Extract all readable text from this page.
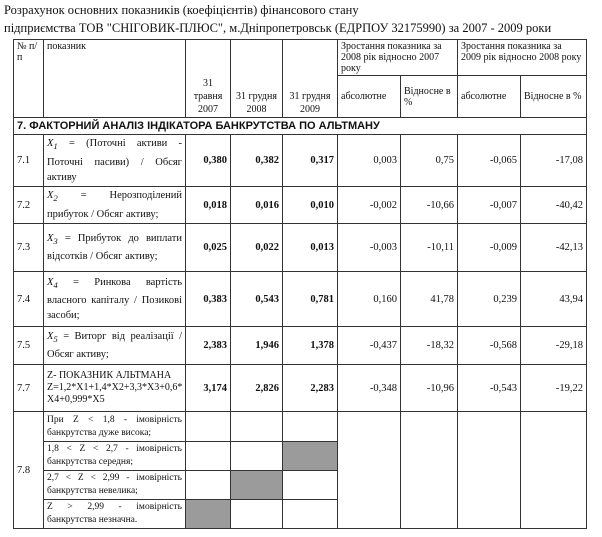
Розрахунок основних показників (коефіцієнтів) фінансового стану
підприємства ТОВ "СНІГОВИК-ПЛЮС", м.Дніпропетровськ (ЕДРПОУ 32175990) за 2007 - 2009 роки
№ п/п	показник	31 травня 2007	31 грудня 2008	31 грудня 2009	Зростання показника за 2008 рік відносно 2007 року		Зростання показника за 2009 рік відносно 2008 року	
					абсолютне	Відносне в %	абсолютне	Відносне в %
7. ФАКТОРНИЙ АНАЛІЗ ІНДІКАТОРА БАНКРУТСТВА ПО АЛЬТМАНУ								
7.1	$X_1$ = (Поточні активи - Поточні пасиви) / Обсяг активу	0,380	0,382	0,317	0,003	0,75	-0,065	-17,08
7.2	$X_2$ = Нерозподілений прибуток / Обсяг активу;	0,018	0,016	0,010	-0,002	-10,66	-0,007	-40,42
7.3	$X_3$ = Прибуток до виплати відсотків / Обсяг активу;	0,025	0,022	0,013	-0,003	-10,11	-0,009	-42,13
7.4	$X_4$ = Ринкова вартість власного капіталу / Позикові засоби;	0,383	0,543	0,781	0,160	41,78	0,239	43,94
7.5	$X_5$ = Виторг від реалізації / Обсяг активу;	2,383	1,946	1,378	-0,437	-18,32	-0,568	-29,18
7.7	Z- ПОКАЗНИК АЛЬТМАНА
Z=1,2*X1+1,4*X2+3,3*X3+0,6*
X4+0,999*X5	3,174	2,826	2,283	-0,348	-10,96	-0,543	-19,22
7.8	При Z < 1,8 - імовірність банкрутства дуже висока;							
	1,8 < Z < 2,7 - імовірність банкрутства середня;							
	2,7 < Z < 2,99 - імовірність банкрутства невелика;							
	Z > 2,99 - імовірність банкрутства незначна.							
